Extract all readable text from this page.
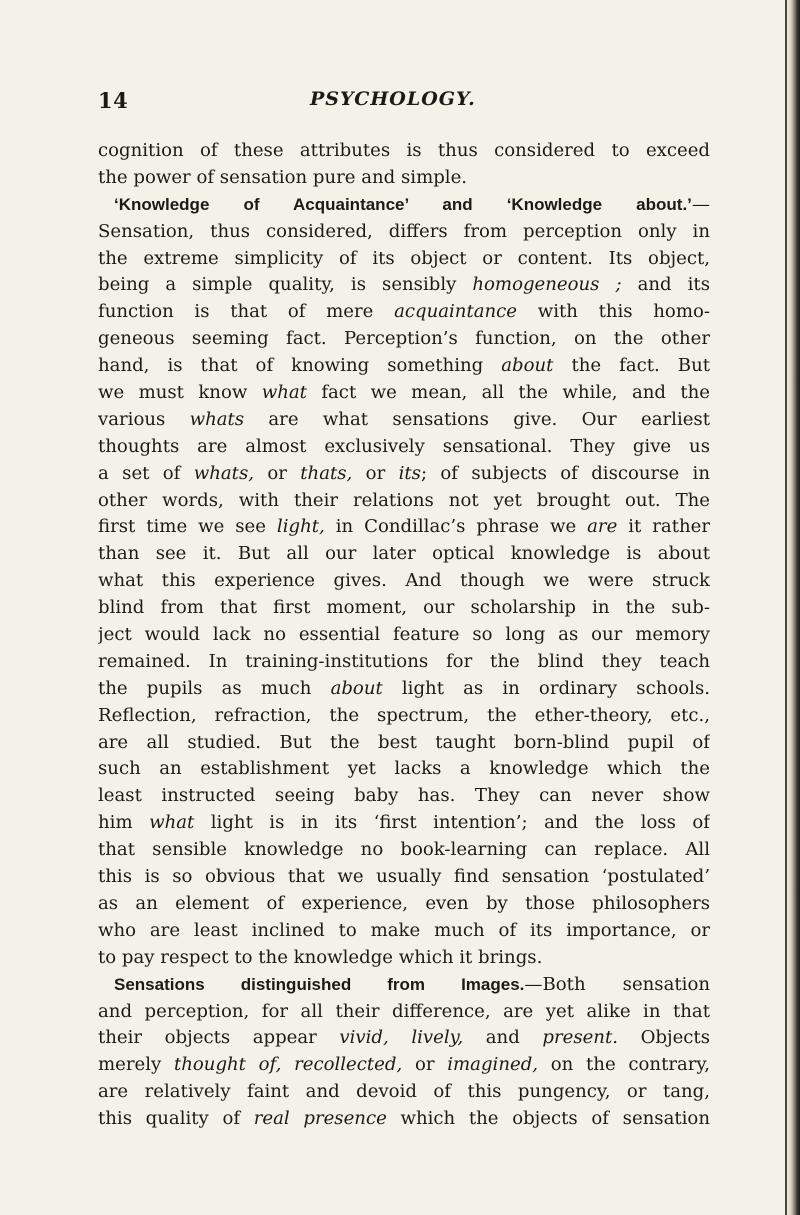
14	PSYCHOLOGY.
cognition of these attributes is thus considered to exceed
the power of sensation pure and simple.
‘Knowledge of Acquaintance’ and ‘Knowledge about.’—
Sensation, thus considered, differs from perception only in
the extreme simplicity of its object or content. Its object,
being a simple quality, is sensibly homogeneous ; and its
function is that of mere acquaintance with this homo-
geneous seeming fact. Perception’s function, on the other
hand, is that of knowing something about the fact. But
we must know what fact we mean, all the while, and the
various whats are what sensations give. Our earliest
thoughts are almost exclusively sensational. They give us
a set of whats, or thats, or its; of subjects of discourse in
other words, with their relations not yet brought out. The
first time we see light, in Condillac’s phrase we are it rather
than see it. But all our later optical knowledge is about
what this experience gives. And though we were struck
blind from that first moment, our scholarship in the sub-
ject would lack no essential feature so long as our memory
remained. In training-institutions for the blind they teach
the pupils as much about light as in ordinary schools.
Reflection, refraction, the spectrum, the ether-theory, etc.,
are all studied. But the best taught born-blind pupil of
such an establishment yet lacks a knowledge which the
least instructed seeing baby has. They can never show
him what light is in its ‘first intention’; and the loss of
that sensible knowledge no book-learning can replace. All
this is so obvious that we usually find sensation ‘postulated’
as an element of experience, even by those philosophers
who are least inclined to make much of its importance, or
to pay respect to the knowledge which it brings.
Sensations distinguished from Images.—Both sensation
and perception, for all their difference, are yet alike in that
their objects appear vivid, lively, and present. Objects
merely thought of, recollected, or imagined, on the contrary,
are relatively faint and devoid of this pungency, or tang,
this quality of real presence which the objects of sensation
